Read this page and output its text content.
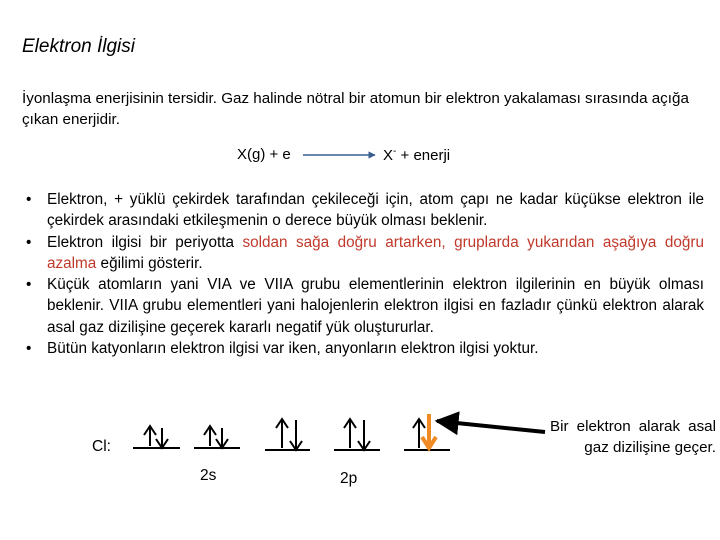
Elektron İlgisi
İyonlaşma enerjisinin tersidir. Gaz halinde nötral bir atomun bir elektron yakalaması sırasında açığa çıkan enerjidir.
X(g) + e	X- + enerji
• Elektron, + yüklü çekirdek tarafından çekileceği için, atom çapı ne kadar küçükse elektron ile çekirdek arasındaki etkileşmenin o derece büyük olması beklenir.
• Elektron ilgisi bir periyotta soldan sağa doğru artarken, gruplarda yukarıdan aşağıya doğru azalma eğilimi gösterir.
• Küçük atomların yani VIA ve VIIA grubu elementlerinin elektron ilgilerinin en büyük olması beklenir. VIIA grubu elementleri yani halojenlerin elektron ilgisi en fazladır çünkü elektron alarak asal gaz dizilişine geçerek kararlı negatif yük oluştururlar.
• Bütün katyonların elektron ilgisi var iken, anyonların elektron ilgisi yoktur.
Cl:
2s	2p
Bir elektron alarak asal gaz dizilişine geçer.
